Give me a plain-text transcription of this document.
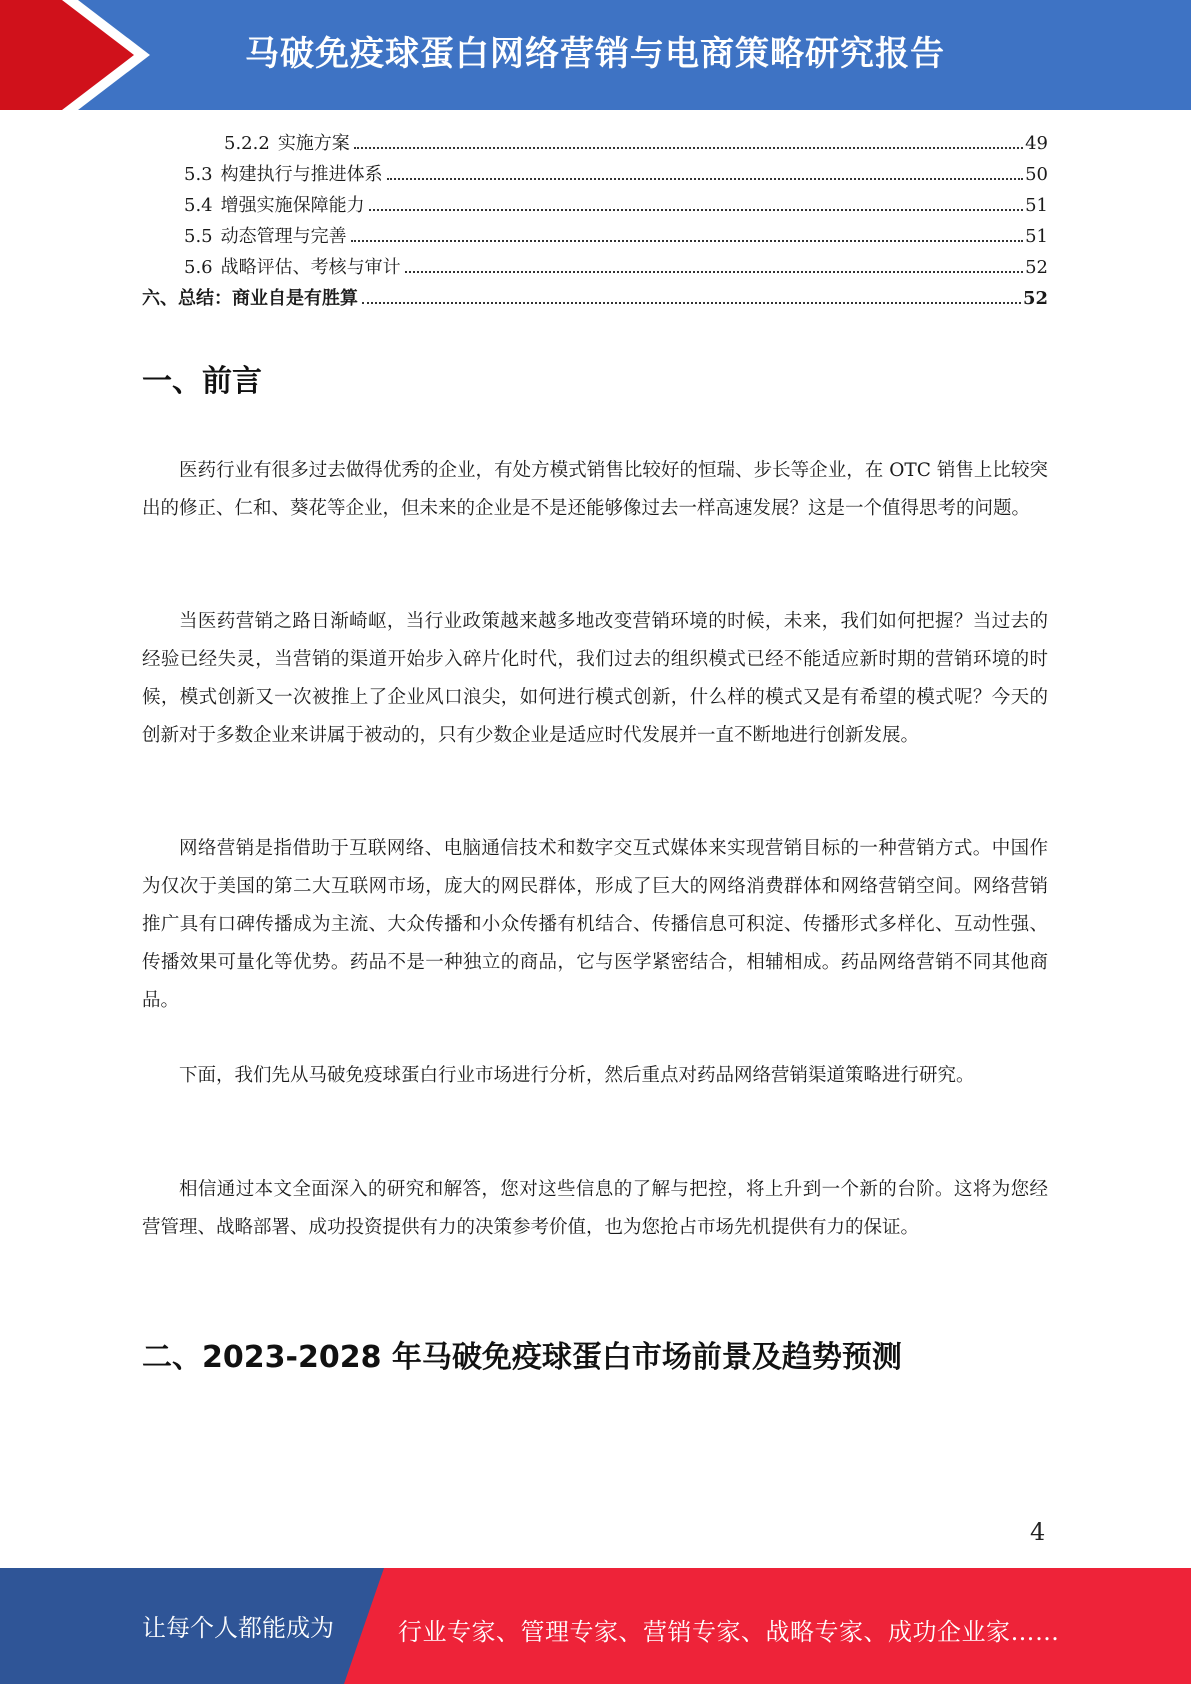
马破免疫球蛋白网络营销与电商策略研究报告
5.2.2 实施方案	49
5.3 构建执行与推进体系	50
5.4 增强实施保障能力	51
5.5 动态管理与完善	51
5.6 战略评估、考核与审计	52
六、总结：商业自是有胜算	52
一、前言

医药行业有很多过去做得优秀的企业，有处方模式销售比较好的恒瑞、步长等企业，在 OTC 销售上比较突出的修正、仁和、葵花等企业，但未来的企业是不是还能够像过去一样高速发展？这是一个值得思考的问题。

当医药营销之路日渐崎岖，当行业政策越来越多地改变营销环境的时候，未来，我们如何把握？当过去的经验已经失灵，当营销的渠道开始步入碎片化时代，我们过去的组织模式已经不能适应新时期的营销环境的时候，模式创新又一次被推上了企业风口浪尖，如何进行模式创新，什么样的模式又是有希望的模式呢？今天的创新对于多数企业来讲属于被动的，只有少数企业是适应时代发展并一直不断地进行创新发展。

网络营销是指借助于互联网络、电脑通信技术和数字交互式媒体来实现营销目标的一种营销方式。中国作为仅次于美国的第二大互联网市场，庞大的网民群体，形成了巨大的网络消费群体和网络营销空间。网络营销推广具有口碑传播成为主流、大众传播和小众传播有机结合、传播信息可积淀、传播形式多样化、互动性强、传播效果可量化等优势。药品不是一种独立的商品，它与医学紧密结合，相辅相成。药品网络营销不同其他商品。

下面，我们先从马破免疫球蛋白行业市场进行分析，然后重点对药品网络营销渠道策略进行研究。

相信通过本文全面深入的研究和解答，您对这些信息的了解与把控，将上升到一个新的台阶。这将为您经营管理、战略部署、成功投资提供有力的决策参考价值，也为您抢占市场先机提供有力的保证。

二、2023-2028 年马破免疫球蛋白市场前景及趋势预测
4
让每个人都能成为	行业专家、管理专家、营销专家、战略专家、成功企业家……
